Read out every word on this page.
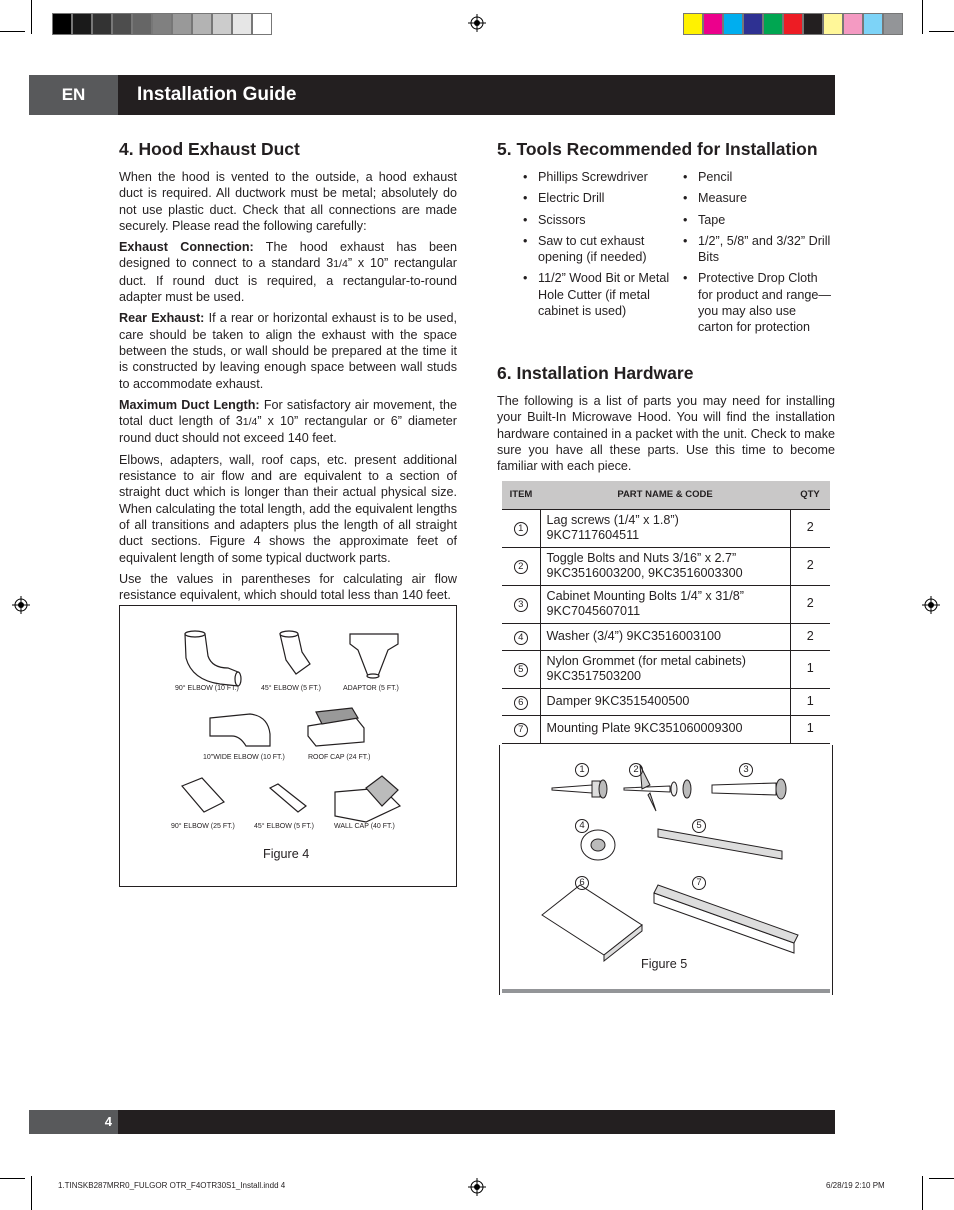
EN	Installation Guide
4. Hood Exhaust Duct

When the hood is vented to the outside, a hood exhaust duct is required. All ductwork must be metal; absolutely do not use plastic duct. Check that all connections are made securely. Please read the following carefully:

Exhaust Connection: The hood exhaust has been designed to connect to a standard 31/4” x 10” rectangular duct. If round duct is required, a rectangular-to-round adapter must be used.

Rear Exhaust: If a rear or horizontal exhaust is to be used, care should be taken to align the exhaust with the space between the studs, or wall should be prepared at the time it is constructed by leaving enough space between wall studs to accommodate exhaust.

Maximum Duct Length: For satisfactory air movement, the total duct length of 31/4” x 10” rectangular or 6” diameter round duct should not exceed 140 feet.

Elbows, adapters, wall, roof caps, etc. present additional resistance to air flow and are equivalent to a section of straight duct which is longer than their actual physical size. When calculating the total length, add the equivalent lengths of all transitions and adapters plus the length of all straight duct sections. Figure 4 shows the approximate feet of equivalent length of some typical ductwork parts.

Use the values in parentheses for calculating air flow resistance equivalent, which should total less than 140 feet.

90° ELBOW (10 FT.)	45° ELBOW (5 FT.)	ADAPTOR (5 FT.)
10"WIDE ELBOW (10 FT.)	ROOF CAP (24 FT.)
90° ELBOW (25 FT.)	45° ELBOW (5 FT.)	WALL CAP (40 FT.)
Figure 4
5. Tools Recommended for Installation
• Phillips Screwdriver
• Electric Drill
• Scissors
• Saw to cut exhaust opening (if needed)
• 11/2” Wood Bit or Metal Hole Cutter (if metal cabinet is used)
• Pencil
• Measure
• Tape
• 1/2”, 5/8” and 3/32” Drill Bits
• Protective Drop Cloth for product and range—you may also use carton for protection
6. Installation Hardware

The following is a list of parts you may need for installing your Built-In Microwave Hood. You will find the installation hardware contained in a packet with the unit. Check to make sure you have all these parts. Use this time to become familiar with each piece.

ITEM	PART NAME & CODE	QTY
1	Lag screws (1/4” x 1.8”)
9KC7117604511	2
2	Toggle Bolts and Nuts 3/16” x 2.7”
9KC3516003200, 9KC3516003300	2
3	Cabinet Mounting Bolts 1/4” x 31/8”
9KC7045607011	2
4	Washer (3/4”) 9KC3516003100	2
5	Nylon Grommet (for metal cabinets)
9KC3517503200	1
6	Damper 9KC3515400500	1
7	Mounting Plate 9KC351060009300	1
1	2	3
4	5
6	7
Figure 5
4
1.TINSKB287MRR0_FULGOR OTR_F4OTR30S1_Install.indd 4	6/28/19 2:10 PM
